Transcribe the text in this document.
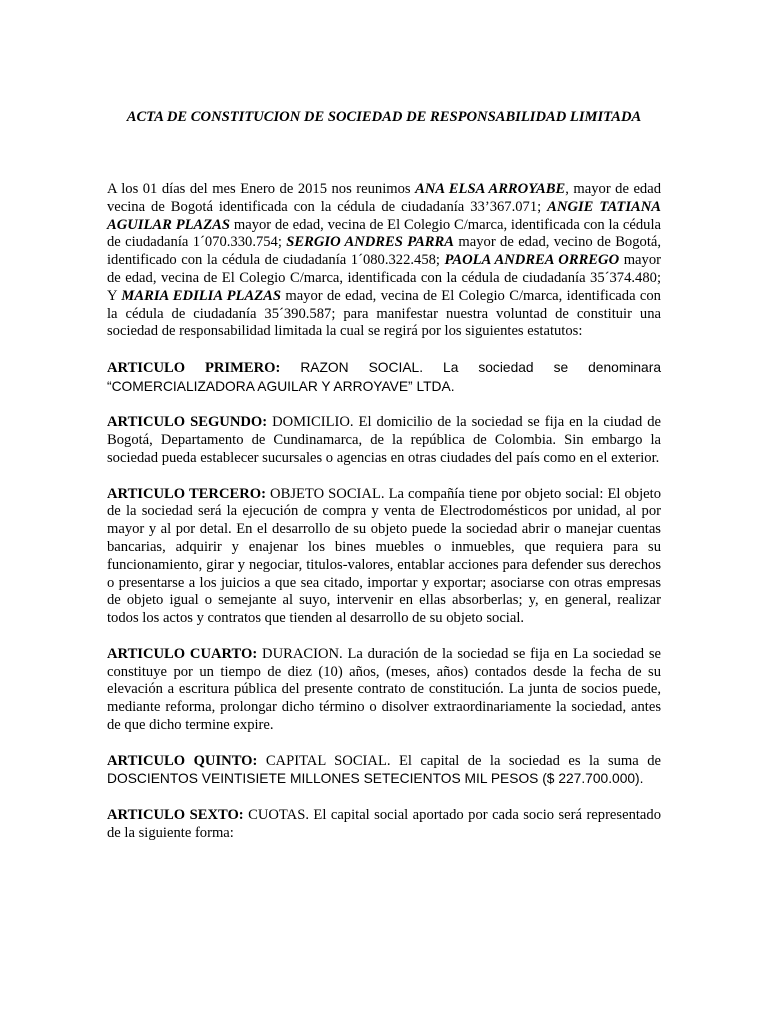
ACTA DE CONSTITUCION DE SOCIEDAD DE RESPONSABILIDAD LIMITADA

A los 01 días del mes Enero de 2015 nos reunimos ANA ELSA ARROYABE, mayor de edad vecina de Bogotá identificada con la cédula de ciudadanía 33’367.071; ANGIE TATIANA AGUILAR PLAZAS mayor de edad, vecina de El Colegio C/marca, identificada con la cédula de ciudadanía 1´070.330.754; SERGIO ANDRES PARRA mayor de edad, vecino de Bogotá, identificado con la cédula de ciudadanía 1´080.322.458; PAOLA ANDREA ORREGO mayor de edad, vecina de El Colegio C/marca, identificada con la cédula de ciudadanía 35´374.480; Y MARIA EDILIA PLAZAS mayor de edad, vecina de El Colegio C/marca, identificada con la cédula de ciudadanía 35´390.587; para manifestar nuestra voluntad de constituir una sociedad de responsabilidad limitada la cual se regirá por los siguientes estatutos:

ARTICULO PRIMERO: RAZON SOCIAL. La sociedad se denominara “COMERCIALIZADORA AGUILAR Y ARROYAVE” LTDA.

ARTICULO SEGUNDO: DOMICILIO. El domicilio de la sociedad se fija en la ciudad de Bogotá, Departamento de Cundinamarca, de la república de Colombia. Sin embargo la sociedad pueda establecer sucursales o agencias en otras ciudades del país como en el exterior.

ARTICULO TERCERO: OBJETO SOCIAL. La compañía tiene por objeto social: El objeto de la sociedad será la ejecución de compra y venta de Electrodomésticos por unidad, al por mayor y al por detal. En el desarrollo de su objeto puede la sociedad abrir o manejar cuentas bancarias, adquirir y enajenar los bines muebles o inmuebles, que requiera para su funcionamiento, girar y negociar, titulos-valores, entablar acciones para defender sus derechos o presentarse a los juicios a que sea citado, importar y exportar; asociarse con otras empresas de objeto igual o semejante al suyo, intervenir en ellas absorberlas; y, en general, realizar todos los actos y contratos que tienden al desarrollo de su objeto social.

ARTICULO CUARTO: DURACION. La duración de la sociedad se fija en La sociedad se constituye por un tiempo de diez (10) años, (meses, años) contados desde la fecha de su elevación a escritura pública del presente contrato de constitución. La junta de socios puede, mediante reforma, prolongar dicho término o disolver extraordinariamente la sociedad, antes de que dicho termine expire.

ARTICULO QUINTO: CAPITAL SOCIAL. El capital de la sociedad es la suma de DOSCIENTOS VEINTISIETE MILLONES SETECIENTOS MIL PESOS ($ 227.700.000).

ARTICULO SEXTO: CUOTAS. El capital social aportado por cada socio será representado de la siguiente forma:
